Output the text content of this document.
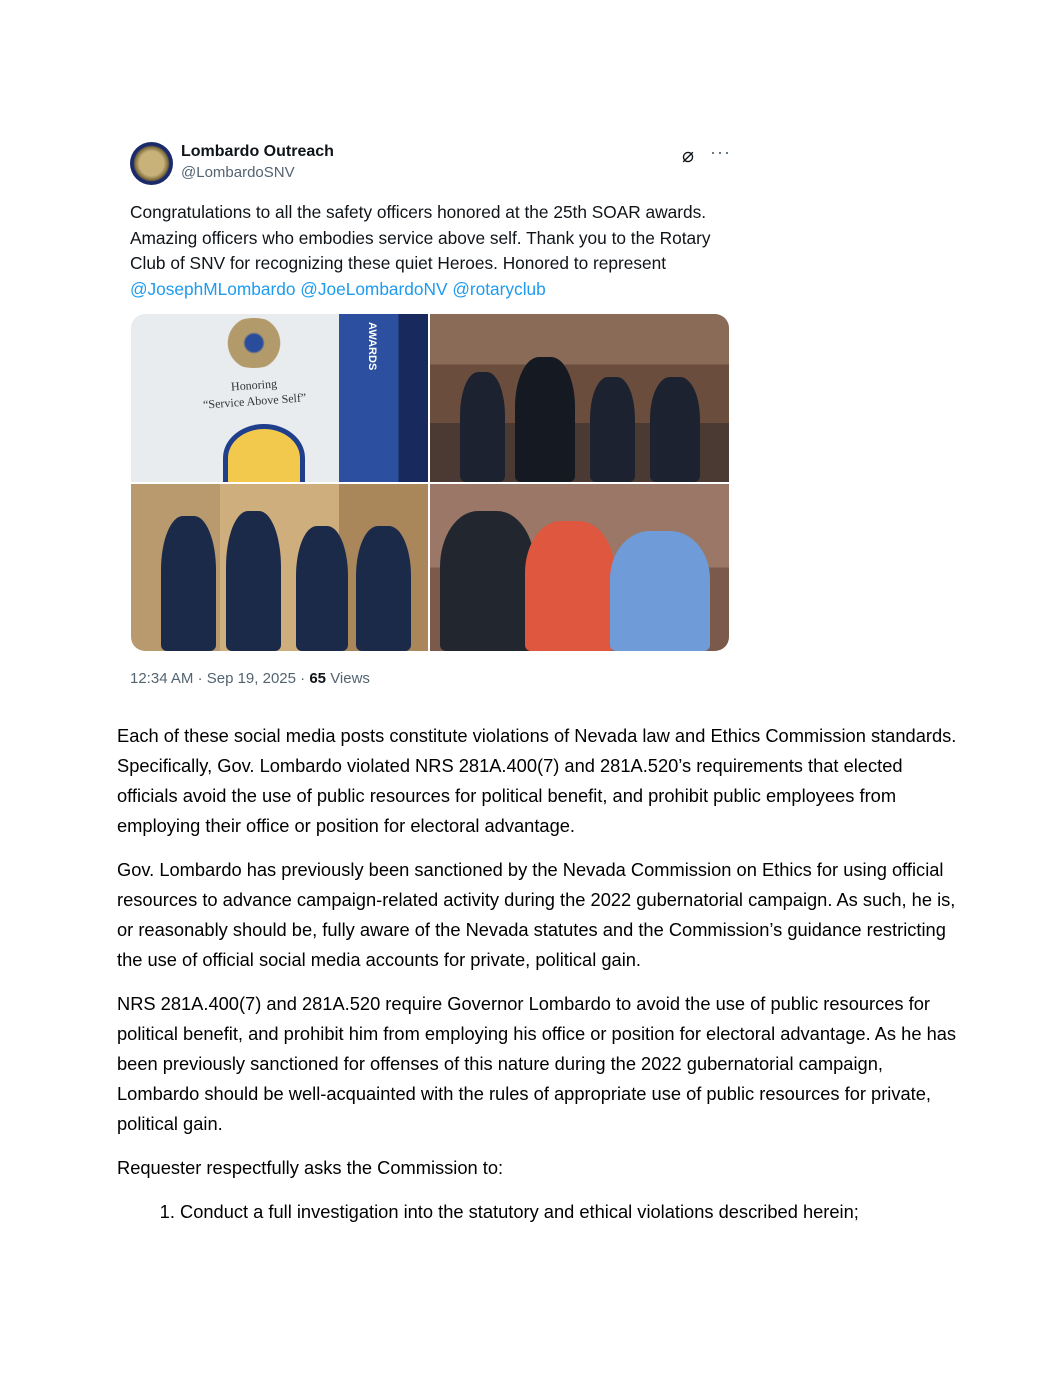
Lombardo Outreach
@LombardoSNV
⌀ ···
Congratulations to all the safety officers honored at the 25th SOAR awards. Amazing officers who embodies service above self. Thank you to the Rotary Club of SNV for recognizing these quiet Heroes. Honored to represent @JosephMLombardo @JoeLombardoNV @rotaryclub
Honoring
“Service Above Self”
AWARDS
12:34 AM · Sep 19, 2025 · 65 Views

Each of these social media posts constitute violations of Nevada law and Ethics Commission standards. Specifically, Gov. Lombardo violated NRS 281A.400(7) and 281A.520’s requirements that elected officials avoid the use of public resources for political benefit, and prohibit public employees from employing their office or position for electoral advantage.

Gov. Lombardo has previously been sanctioned by the Nevada Commission on Ethics for using official resources to advance campaign-related activity during the 2022 gubernatorial campaign. As such, he is, or reasonably should be, fully aware of the Nevada statutes and the Commission’s guidance restricting the use of official social media accounts for private, political gain.

NRS 281A.400(7) and 281A.520 require Governor Lombardo to avoid the use of public resources for political benefit, and prohibit him from employing his office or position for electoral advantage. As he has been previously sanctioned for offenses of this nature during the 2022 gubernatorial campaign, Lombardo should be well-acquainted with the rules of appropriate use of public resources for private, political gain.

Requester respectfully asks the Commission to:

1. Conduct a full investigation into the statutory and ethical violations described herein;
